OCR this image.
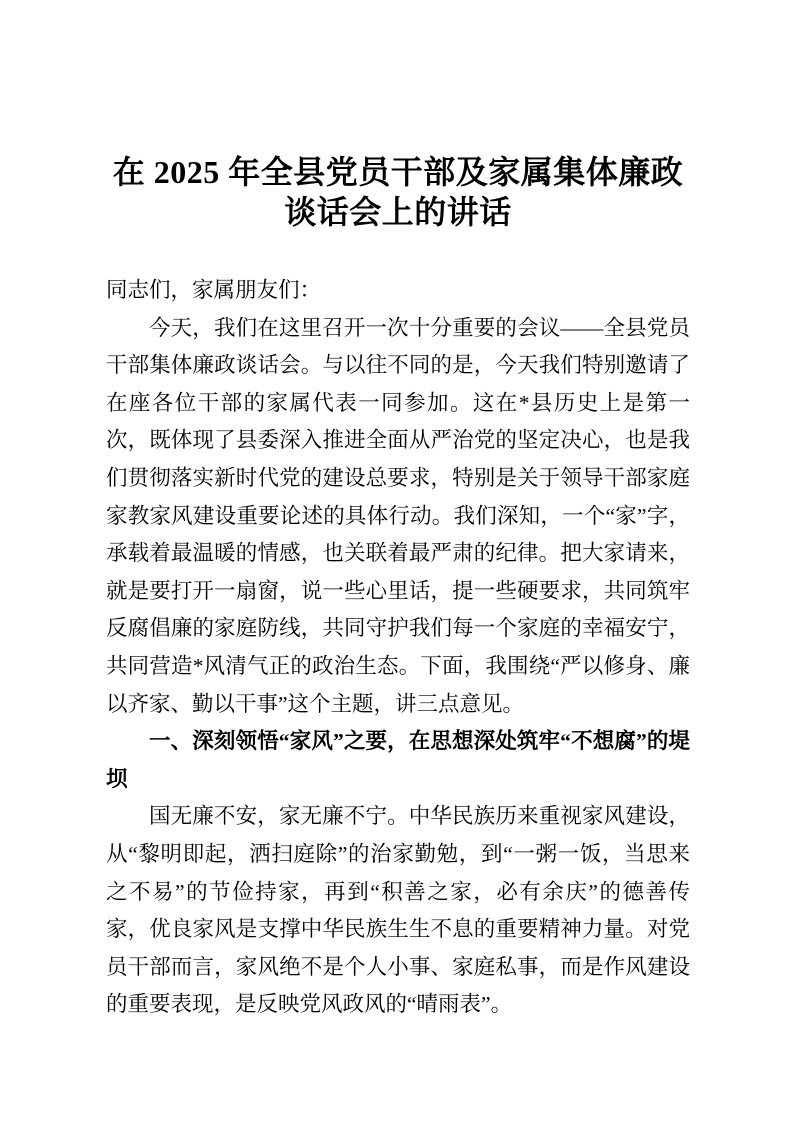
在 2025 年全县党员干部及家属集体廉政
谈话会上的讲话

同志们，家属朋友们：

今天，我们在这里召开一次十分重要的会议——全县党员干部集体廉政谈话会。与以往不同的是，今天我们特别邀请了在座各位干部的家属代表一同参加。这在*县历史上是第一次，既体现了县委深入推进全面从严治党的坚定决心，也是我们贯彻落实新时代党的建设总要求，特别是关于领导干部家庭家教家风建设重要论述的具体行动。我们深知，一个“家”字，承载着最温暖的情感，也关联着最严肃的纪律。把大家请来，就是要打开一扇窗，说一些心里话，提一些硬要求，共同筑牢反腐倡廉的家庭防线，共同守护我们每一个家庭的幸福安宁，共同营造*风清气正的政治生态。下面，我围绕“严以修身、廉以齐家、勤以干事”这个主题，讲三点意见。

一、深刻领悟“家风”之要，在思想深处筑牢“不想腐”的堤坝

国无廉不安，家无廉不宁。中华民族历来重视家风建设，从“黎明即起，洒扫庭除”的治家勤勉，到“一粥一饭，当思来之不易”的节俭持家，再到“积善之家，必有余庆”的德善传家，优良家风是支撑中华民族生生不息的重要精神力量。对党员干部而言，家风绝不是个人小事、家庭私事，而是作风建设的重要表现，是反映党风政风的“晴雨表”。
